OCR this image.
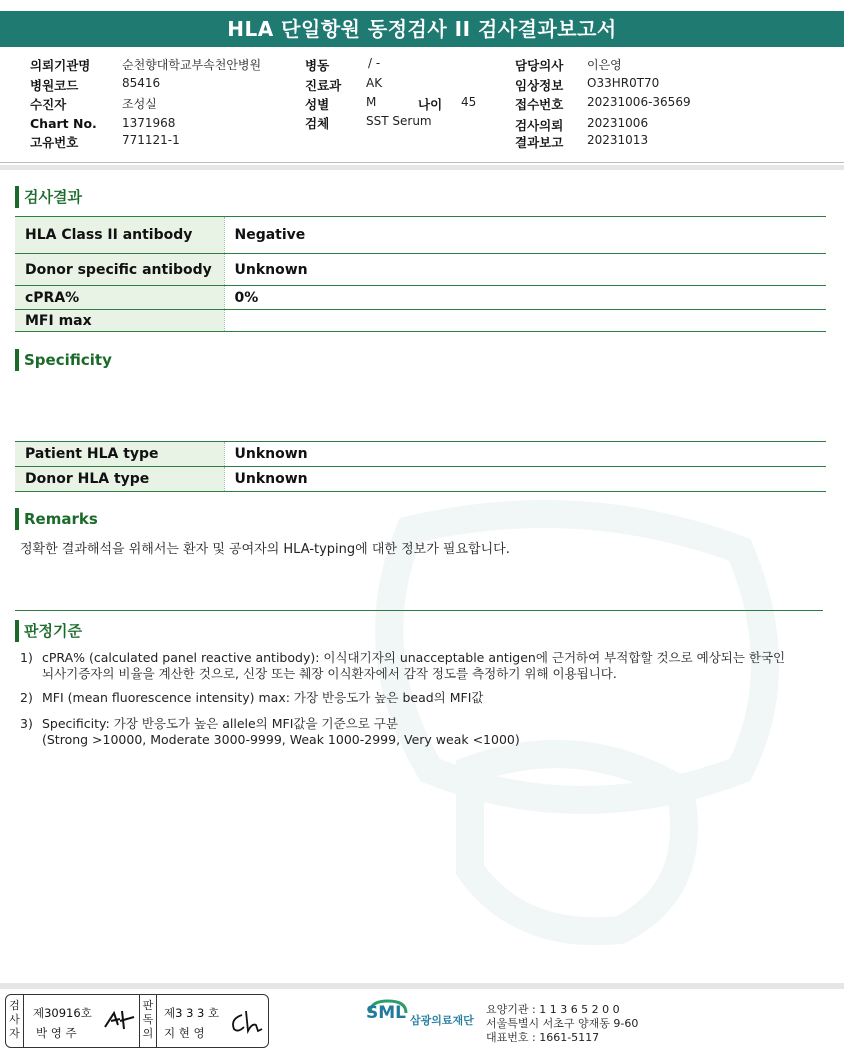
HLA 단일항원 동정검사 II 검사결과보고서
의뢰기관명	순천향대학교부속천안병원
병원코드	85416
수진자	조성실
Chart No. 1371968
고유번호	771121-1
병동	/ -
진료과 AK
성별	M	나이 45
검체	SST Serum
담당의사 이은영
임상정보 O33HR0T70
접수번호 20231006-36569
검사의뢰 20231006
결과보고 20231013
검사결과
HLA Class II antibody	Negative
Donor specific antibody	Unknown
cPRA%	0%
MFI max	
Specificity
Patient HLA type	Unknown
Donor HLA type	Unknown
Remarks
정확한 결과해석을 위해서는 환자 및 공여자의 HLA-typing에 대한 정보가 필요합니다.
판정기준
1) cPRA% (calculated panel reactive antibody): 이식대기자의 unacceptable antigen에 근거하여 부적합할 것으로 예상되는 한국인
뇌사기증자의 비율을 계산한 것으로, 신장 또는 췌장 이식환자에서 감작 정도를 측정하기 위해 이용됩니다.
2) MFI (mean fluorescence intensity) max: 가장 반응도가 높은 bead의 MFI값
3) Specificity: 가장 반응도가 높은 allele의 MFI값을 기준으로 구분
(Strong >10000, Moderate 3000-9999, Weak 1000-2999, Very weak <1000)
검사자
제30916호
박 영 주
판독의
제3 3 3 호
지 현 영
SML 삼광의료재단
요양기관 : 1 1 3 6 5 2 0 0
서울특별시 서초구 양재동 9-60
대표번호 : 1661-5117
